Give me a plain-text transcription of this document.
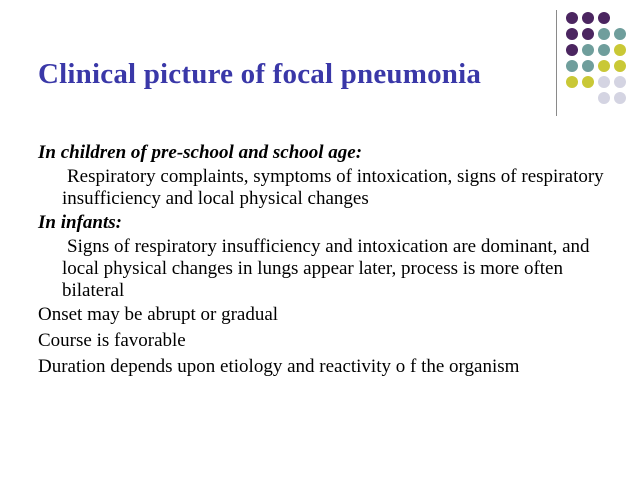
Clinical picture of focal pneumonia
In children of pre-school and school age:
Respiratory complaints, symptoms of intoxication, signs of respiratory insufficiency and local physical changes
In infants:
Signs of respiratory insufficiency and intoxication are dominant, and local physical changes in lungs appear later, process is more often bilateral
Onset may be abrupt or gradual
Course is favorable
Duration depends upon etiology and reactivity o f the organism
